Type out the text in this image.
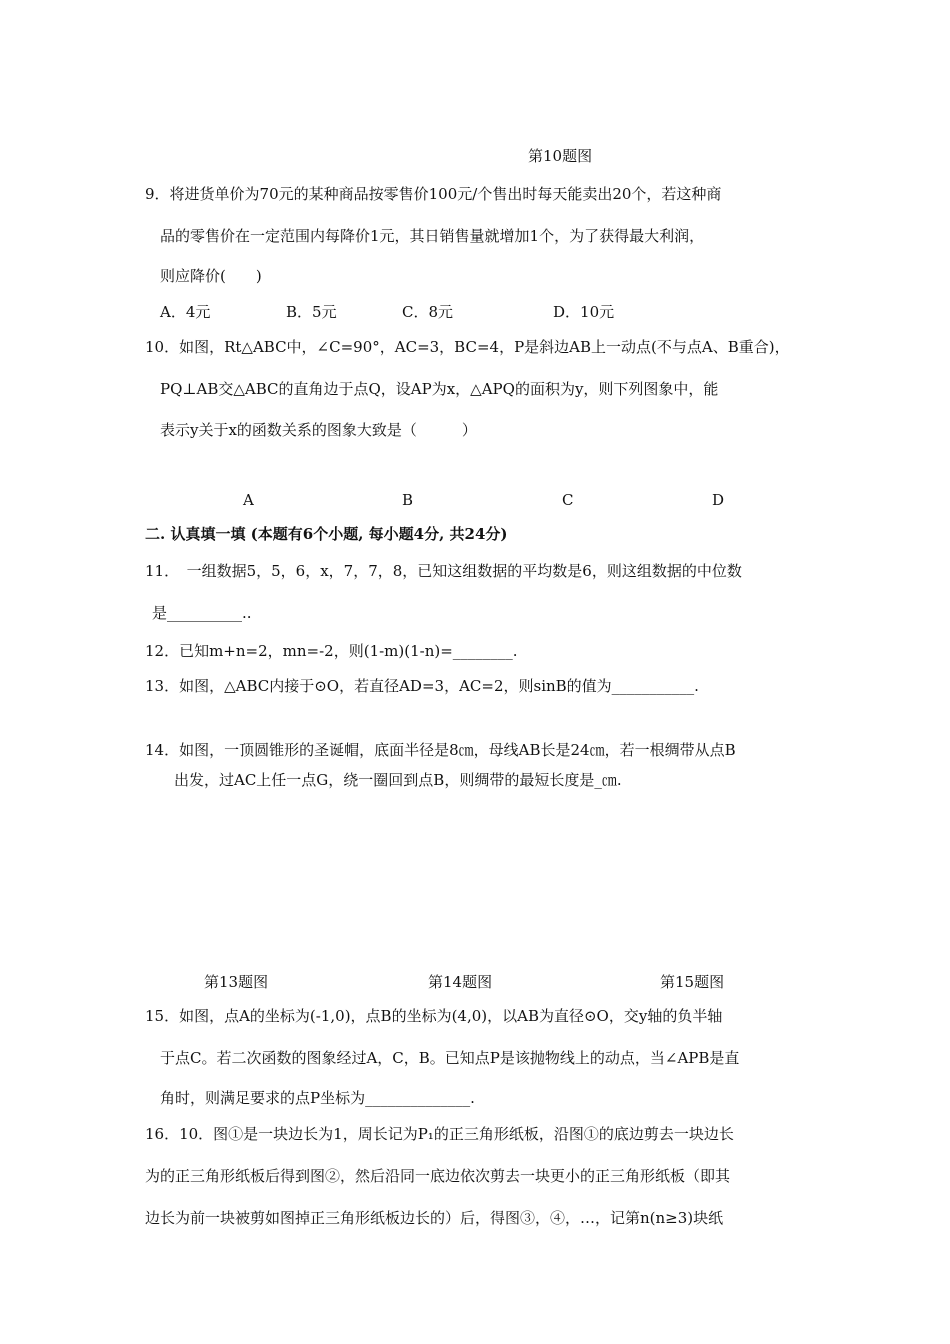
第10题图
9．将进货单价为70元的某种商品按零售价100元/个售出时每天能卖出20个，若这种商
品的零售价在一定范围内每降价1元，其日销售量就增加1个，为了获得最大利润，
则应降价(　　)
A．4元	B．5元	C．8元	D．10元
10．如图，Rt△ABC中，∠C=90°，AC=3，BC=4，P是斜边AB上一动点(不与点A、B重合)，
PQ⊥AB交△ABC的直角边于点Q，设AP为x，△APQ的面积为y，则下列图象中，能
表示y关于x的函数关系的图象大致是（　　　）
A	B	C	D
二. 认真填一填 (本题有6个小题, 每小题4分, 共24分)
11．　一组数据5，5，6，x，7，7，8，已知这组数据的平均数是6，则这组数据的中位数
是__________..
12．已知m+n=2，mn=-2，则(1-m)(1-n)=________.
13．如图，△ABC内接于⊙O，若直径AD=3，AC=2，则sinB的值为___________.
14．如图，一顶圆锥形的圣诞帽，底面半径是8㎝，母线AB长是24㎝，若一根绸带从点B
出发，过AC上任一点G，绕一圈回到点B，则绸带的最短长度是_㎝.
第13题图	第14题图	第15题图
15．如图，点A的坐标为(-1,0)，点B的坐标为(4,0)，以AB为直径⊙O，交y轴的负半轴
于点C。若二次函数的图象经过A，C，B。已知点P是该抛物线上的动点，当∠APB是直
角时，则满足要求的点P坐标为______________.
16．10．图①是一块边长为1，周长记为P₁的正三角形纸板，沿图①的底边剪去一块边长
为的正三角形纸板后得到图②，然后沿同一底边依次剪去一块更小的正三角形纸板（即其
边长为前一块被剪如图掉正三角形纸板边长的）后，得图③，④，…，记第n(n≥3)块纸
